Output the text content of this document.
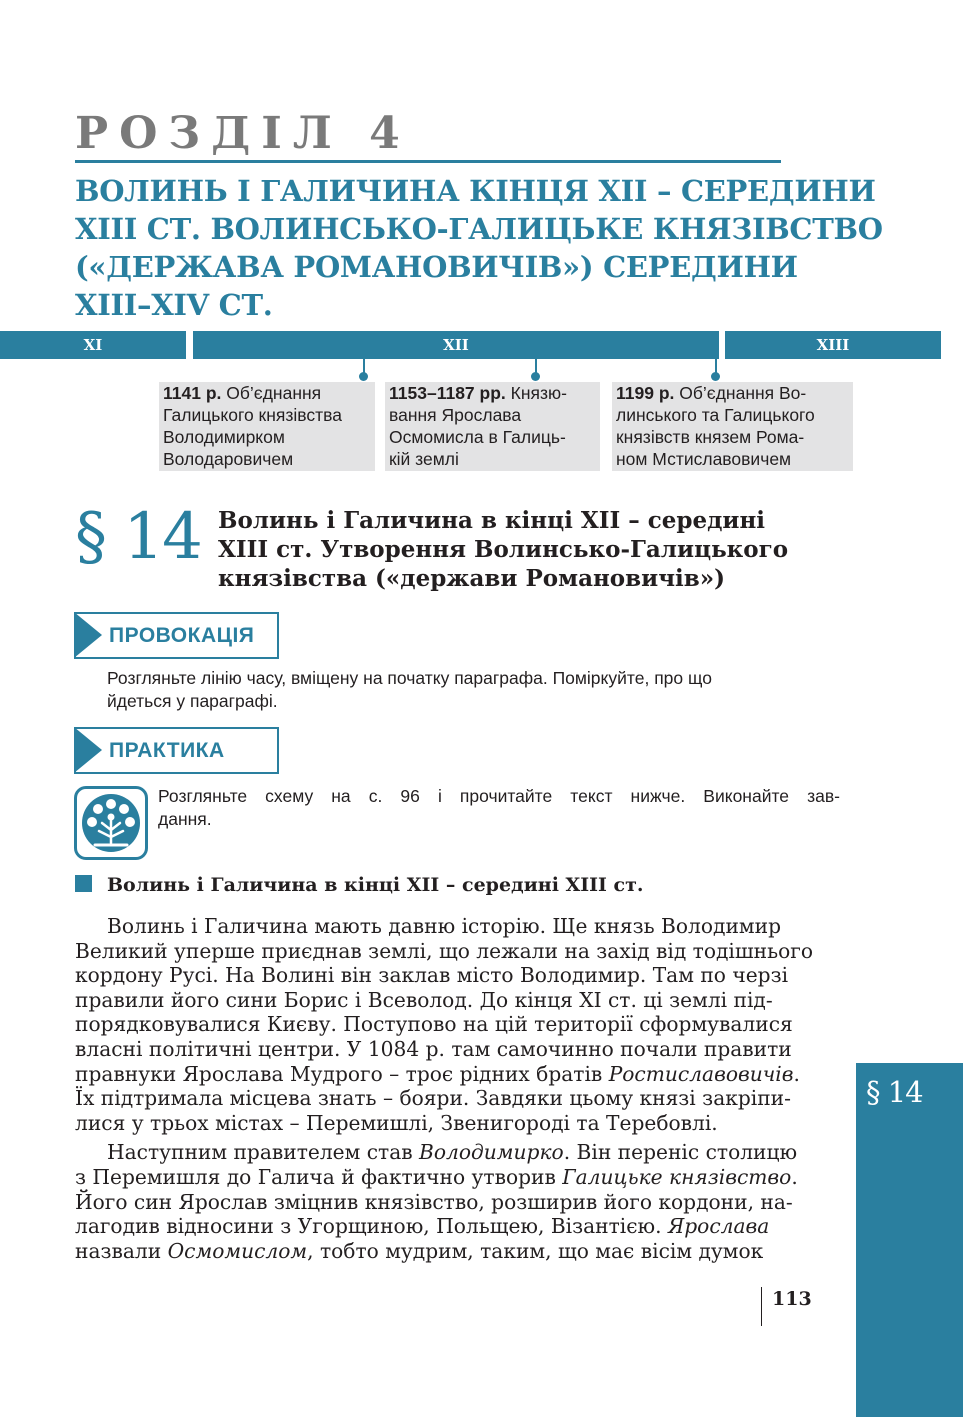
РОЗДІЛ 4
ВОЛИНЬ І ГАЛИЧИНА КІНЦЯ XII – СЕРЕДИНИ
XIII СТ. ВОЛИНСЬКО-ГАЛИЦЬКЕ КНЯЗІВСТВО
(«ДЕРЖАВА РОМАНОВИЧІВ») СЕРЕДИНИ
XIII–XIV СТ.
XI	XII	XIII
1141 р. Об’єднання
Галицького князівства
Володимирком
Володаровичем
1153–1187 рр. Князю-
вання Ярослава
Осмомисла в Галиць-
кій землі
1199 р. Об’єднання Во-
линського та Галицького
князівств князем Рома-
ном Мстиславовичем
§ 14 Волинь і Галичина в кінці XII – середині
XIII ст. Утворення Волинсько-Галицького
князівства («держави Романовичів»)
ПРОВОКАЦІЯ
Розгляньте лінію часу, вміщену на початку параграфа. Поміркуйте, про що
йдеться у параграфі.
ПРАКТИКА
Розгляньте схему на с. 96 і прочитайте текст нижче. Виконайте зав-
дання.
Волинь і Галичина в кінці XII – середині XIII ст.
Волинь і Галичина мають давню історію. Ще князь Володимир
Великий уперше приєднав землі, що лежали на захід від тодішнього
кордону Русі. На Волині він заклав місто Володимир. Там по черзі
правили його сини Борис і Всеволод. До кінця XI ст. ці землі під-
порядковувалися Києву. Поступово на цій території сформувалися
власні політичні центри. У 1084 р. там самочинно почали правити
правнуки Ярослава Мудрого – троє рідних братів Ростиславовичів.
Їх підтримала місцева знать – бояри. Завдяки цьому князі закріпи-
лися у трьох містах – Перемишлі, Звенигороді та Теребовлі.
Наступним правителем став Володимирко. Він переніс столицю
з Перемишля до Галича й фактично утворив Галицьке князівство.
Його син Ярослав зміцнив князівство, розширив його кордони, на-
лагодив відносини з Угорщиною, Польщею, Візантією. Ярослава
назвали Осмомислом, тобто мудрим, таким, що має вісім думок
§ 14
113
